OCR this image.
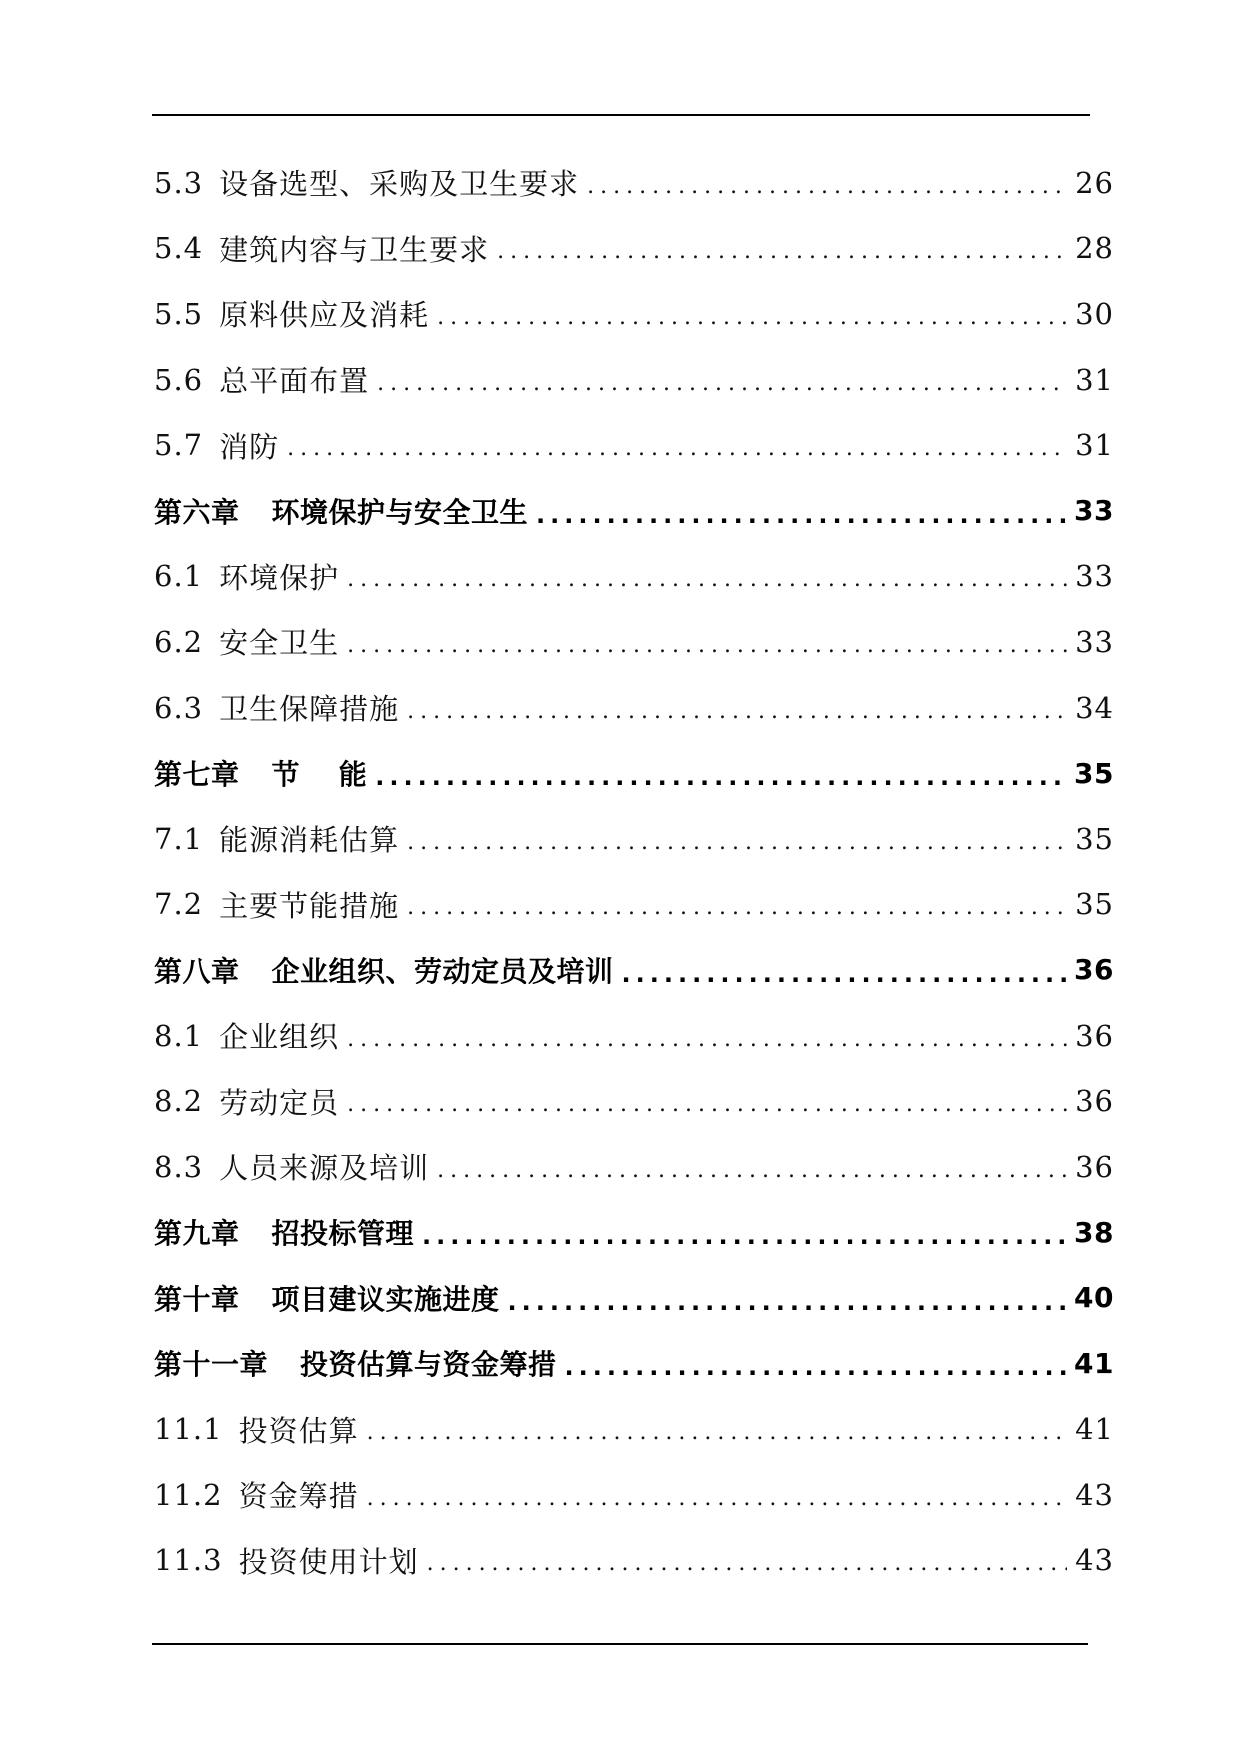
5.3 设备选型、采购及卫生要求 .....	26
5.4 建筑内容与卫生要求 .....	28
5.5 原料供应及消耗 .....	30
5.6 总平面布置 .....	31
5.7 消防 .....	31
第六章 环境保护与安全卫生 .....	33
6.1 环境保护 .....	33
6.2 安全卫生 .....	33
6.3 卫生保障措施 .....	34
第七章 节　 能 .....	35
7.1 能源消耗估算 .....	35
7.2 主要节能措施 .....	35
第八章 企业组织、劳动定员及培训 .....	36
8.1 企业组织 .....	36
8.2 劳动定员 .....	36
8.3 人员来源及培训 .....	36
第九章 招投标管理 .....	38
第十章 项目建议实施进度 .....	40
第十一章 投资估算与资金筹措 .....	41
11.1 投资估算 .....	41
11.2 资金筹措 .....	43
11.3 投资使用计划 .....	43
